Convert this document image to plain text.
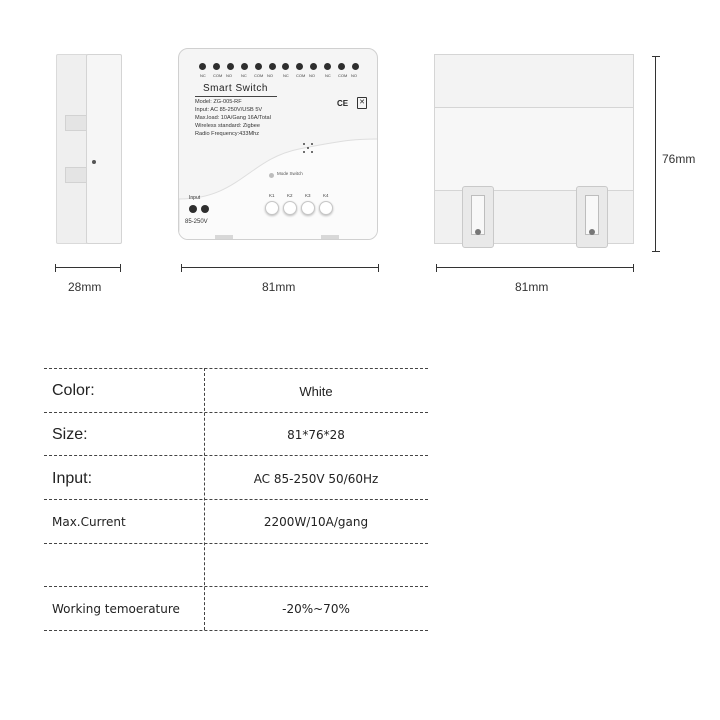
NC COM NO NC COM NO	NC COM NO	NC COM NO
Smart Switch
Model: ZG-005-RF
Input: AC 85-250V/USB 5V
Max.load: 10A/Gang 16A/Total
Wireless standard: Zigbee
Radio Frequency:433Mhz
CE ✕
Mode Switch
K1	K2	K3	K4
Input
85-250V
28mm	81mm	81mm
76mm
Color:	White
Size:	81*76*28
Input:	AC 85-250V 50/60Hz
Max.Current	2200W/10A/gang
Working temoerature	-20%~70%
